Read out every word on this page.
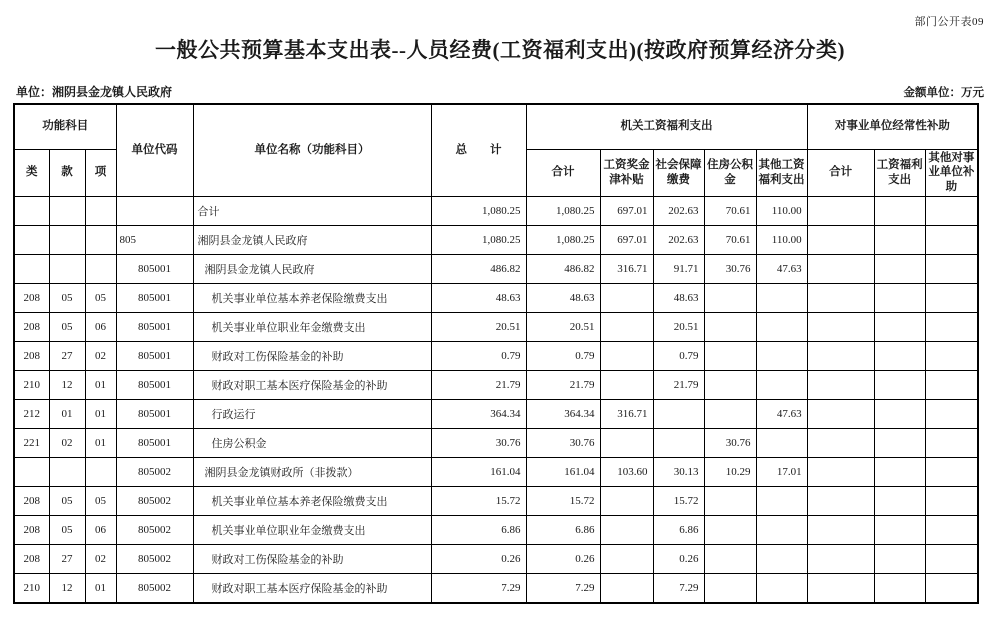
部门公开表09
一般公共预算基本支出表--人员经费(工资福利支出)(按政府预算经济分类)
单位：湘阴县金龙镇人民政府	金额单位：万元
功能科目			单位代码	单位名称（功能科目）	总　　计	机关工资福利支出					对事业单位经常性补助		
类	款	项				合计	工资奖金津补贴	社会保障缴费	住房公积金	其他工资福利支出	合计	工资福利支出	其他对事业单位补助
				合计	1,080.25	1,080.25	697.01	202.63	70.61	110.00			
			805	湘阴县金龙镇人民政府	1,080.25	1,080.25	697.01	202.63	70.61	110.00			
			805001	湘阴县金龙镇人民政府	486.82	486.82	316.71	91.71	30.76	47.63			
208	05	05	805001	机关事业单位基本养老保险缴费支出	48.63	48.63		48.63					
208	05	06	805001	机关事业单位职业年金缴费支出	20.51	20.51		20.51					
208	27	02	805001	财政对工伤保险基金的补助	0.79	0.79		0.79					
210	12	01	805001	财政对职工基本医疗保险基金的补助	21.79	21.79		21.79					
212	01	01	805001	行政运行	364.34	364.34	316.71			47.63			
221	02	01	805001	住房公积金	30.76	30.76			30.76				
			805002	湘阴县金龙镇财政所（非拨款）	161.04	161.04	103.60	30.13	10.29	17.01			
208	05	05	805002	机关事业单位基本养老保险缴费支出	15.72	15.72		15.72					
208	05	06	805002	机关事业单位职业年金缴费支出	6.86	6.86		6.86					
208	27	02	805002	财政对工伤保险基金的补助	0.26	0.26		0.26					
210	12	01	805002	财政对职工基本医疗保险基金的补助	7.29	7.29		7.29					
